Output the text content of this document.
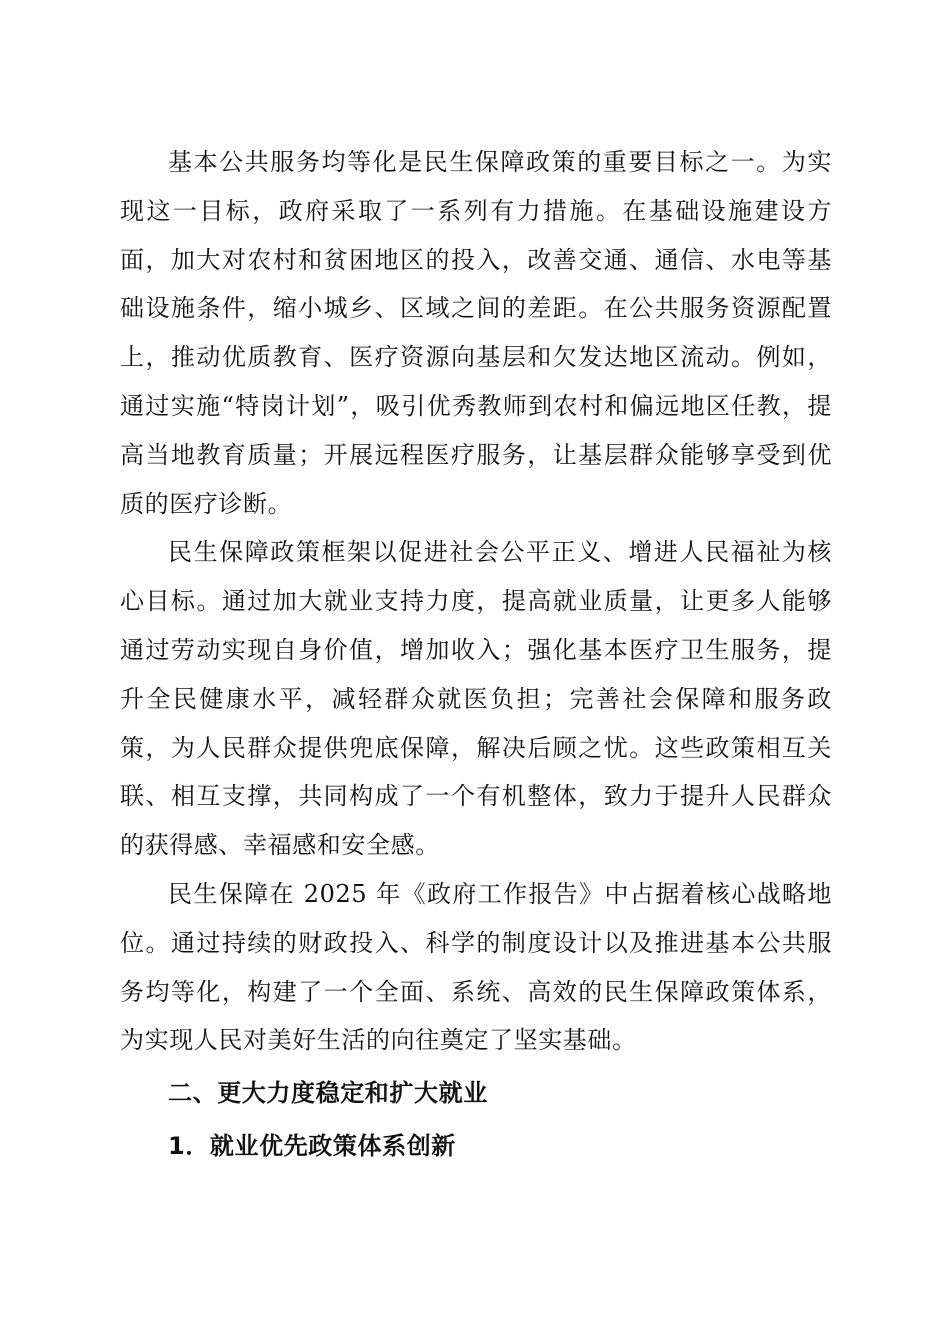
基本公共服务均等化是民生保障政策的重要目标之一。为实现这一目标，政府采取了一系列有力措施。在基础设施建设方面，加大对农村和贫困地区的投入，改善交通、通信、水电等基础设施条件，缩小城乡、区域之间的差距。在公共服务资源配置上，推动优质教育、医疗资源向基层和欠发达地区流动。例如，通过实施“特岗计划”，吸引优秀教师到农村和偏远地区任教，提高当地教育质量；开展远程医疗服务，让基层群众能够享受到优质的医疗诊断。

民生保障政策框架以促进社会公平正义、增进人民福祉为核心目标。通过加大就业支持力度，提高就业质量，让更多人能够通过劳动实现自身价值，增加收入；强化基本医疗卫生服务，提升全民健康水平，减轻群众就医负担；完善社会保障和服务政策，为人民群众提供兜底保障，解决后顾之忧。这些政策相互关联、相互支撑，共同构成了一个有机整体，致力于提升人民群众的获得感、幸福感和安全感。

民生保障在 2025 年《政府工作报告》中占据着核心战略地位。通过持续的财政投入、科学的制度设计以及推进基本公共服务均等化，构建了一个全面、系统、高效的民生保障政策体系，为实现人民对美好生活的向往奠定了坚实基础。

二、更大力度稳定和扩大就业

1．就业优先政策体系创新
